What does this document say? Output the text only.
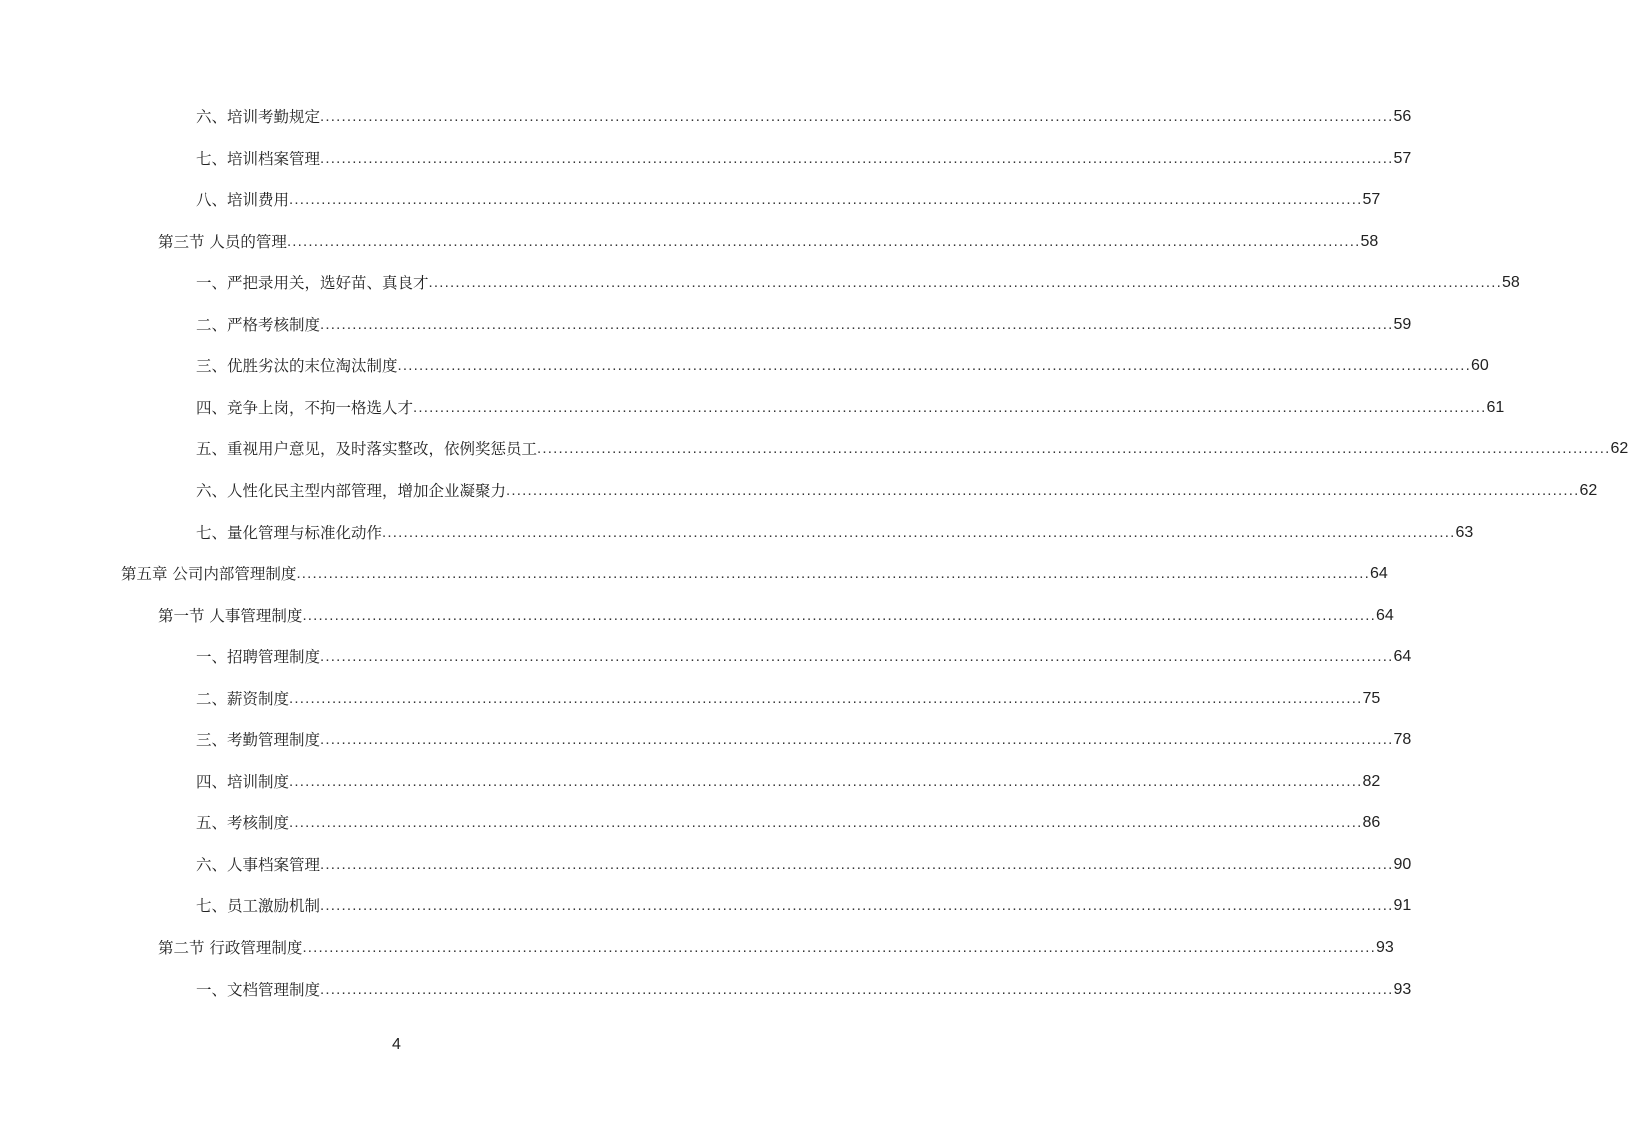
六、培训考勤规定 ........................................................................................................................................................................................................ 56
七、培训档案管理 ........................................................................................................................................................................................................ 57
八、培训费用 ........................................................................................................................................................................................................ 57
第三节 人员的管理 ........................................................................................................................................................................................................ 58
一、严把录用关，选好苗、真良才 ........................................................................................................................................................................................................ 58
二、严格考核制度 ........................................................................................................................................................................................................ 59
三、优胜劣汰的末位淘汰制度 ........................................................................................................................................................................................................ 60
四、竞争上岗，不拘一格选人才 ........................................................................................................................................................................................................ 61
五、重视用户意见，及时落实整改，依例奖惩员工 ........................................................................................................................................................................................................ 62
六、人性化民主型内部管理，增加企业凝聚力 ........................................................................................................................................................................................................ 62
七、量化管理与标准化动作 ........................................................................................................................................................................................................ 63
第五章 公司内部管理制度 ........................................................................................................................................................................................................ 64
第一节 人事管理制度 ........................................................................................................................................................................................................ 64
一、招聘管理制度 ........................................................................................................................................................................................................ 64
二、薪资制度 ........................................................................................................................................................................................................ 75
三、考勤管理制度 ........................................................................................................................................................................................................ 78
四、培训制度 ........................................................................................................................................................................................................ 82
五、考核制度 ........................................................................................................................................................................................................ 86
六、人事档案管理 ........................................................................................................................................................................................................ 90
七、员工激励机制 ........................................................................................................................................................................................................ 91
第二节 行政管理制度 ........................................................................................................................................................................................................ 93
一、文档管理制度 ........................................................................................................................................................................................................ 93
4
